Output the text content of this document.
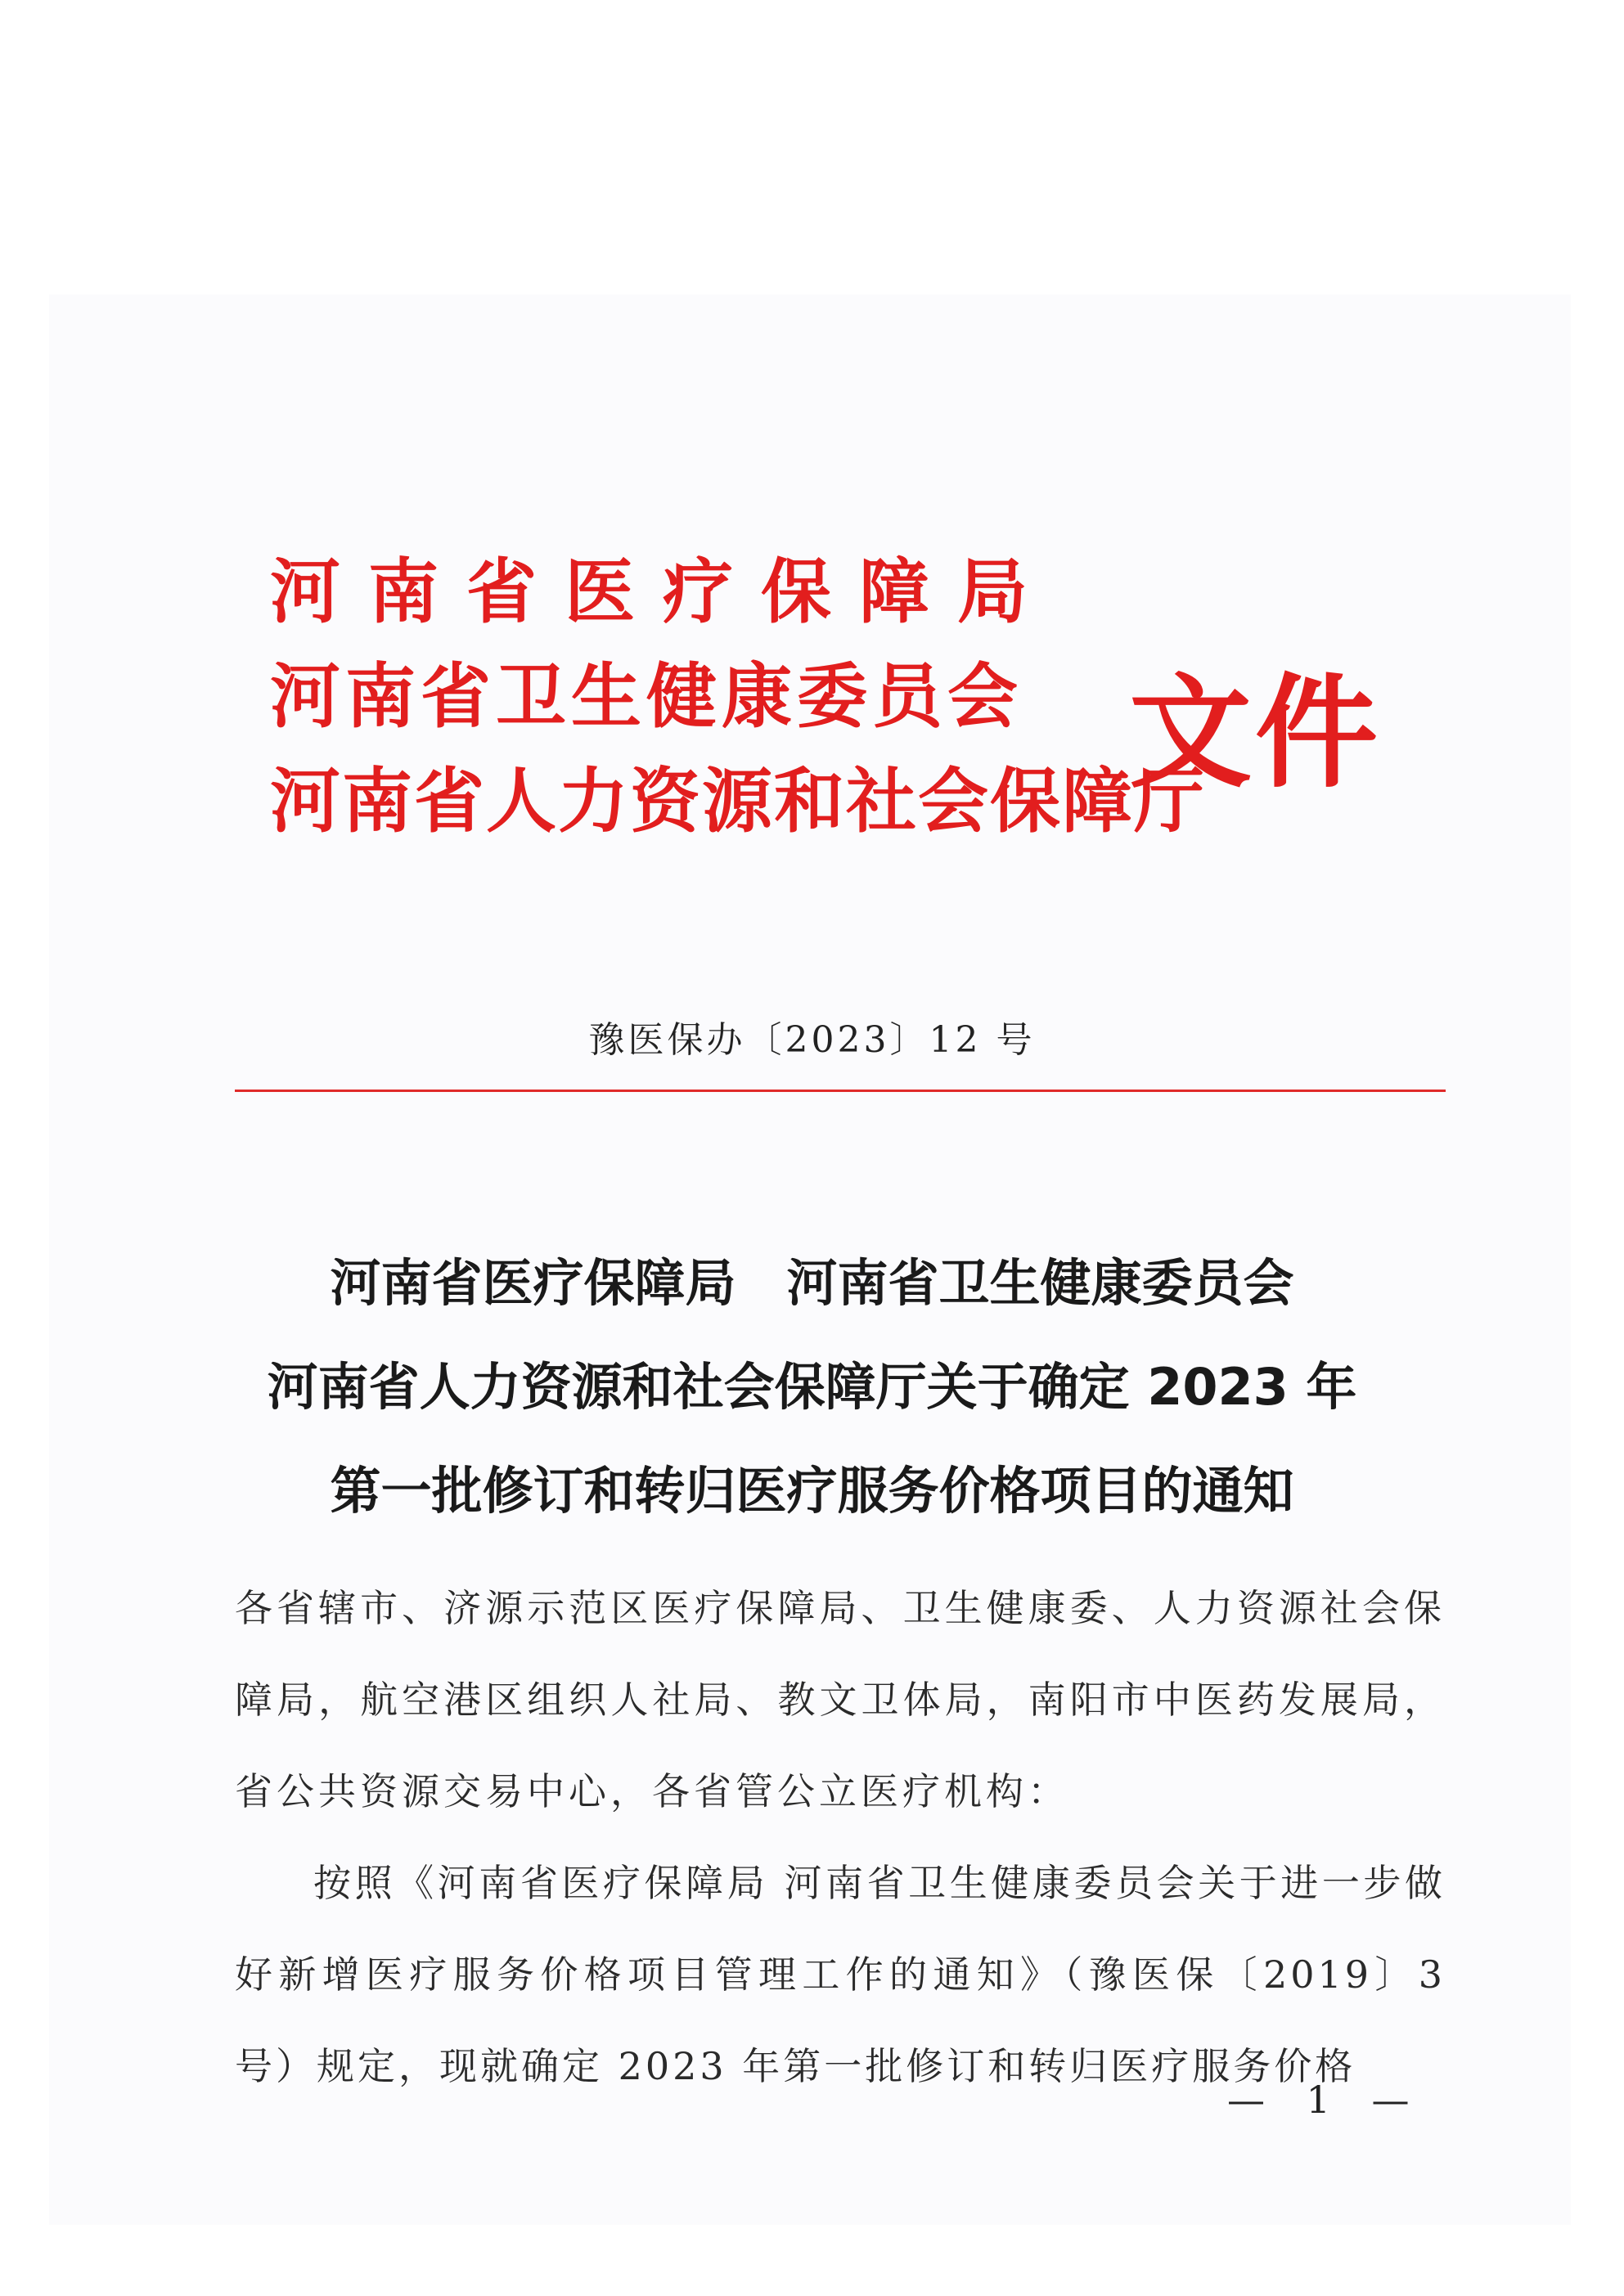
河南省医疗保障局
河南省卫生健康委员会
河南省人力资源和社会保障厅
文件
豫医保办〔2023〕12 号
河南省医疗保障局　河南省卫生健康委员会
河南省人力资源和社会保障厅关于确定 2023 年
第一批修订和转归医疗服务价格项目的通知

各省辖市、济源示范区医疗保障局、卫生健康委、人力资源社会保障局，航空港区组织人社局、教文卫体局，南阳市中医药发展局，省公共资源交易中心，各省管公立医疗机构：

按照《河南省医疗保障局 河南省卫生健康委员会关于进一步做好新增医疗服务价格项目管理工作的通知》（豫医保〔2019〕3 号）规定，现就确定 2023 年第一批修订和转归医疗服务价格

— 1 —
